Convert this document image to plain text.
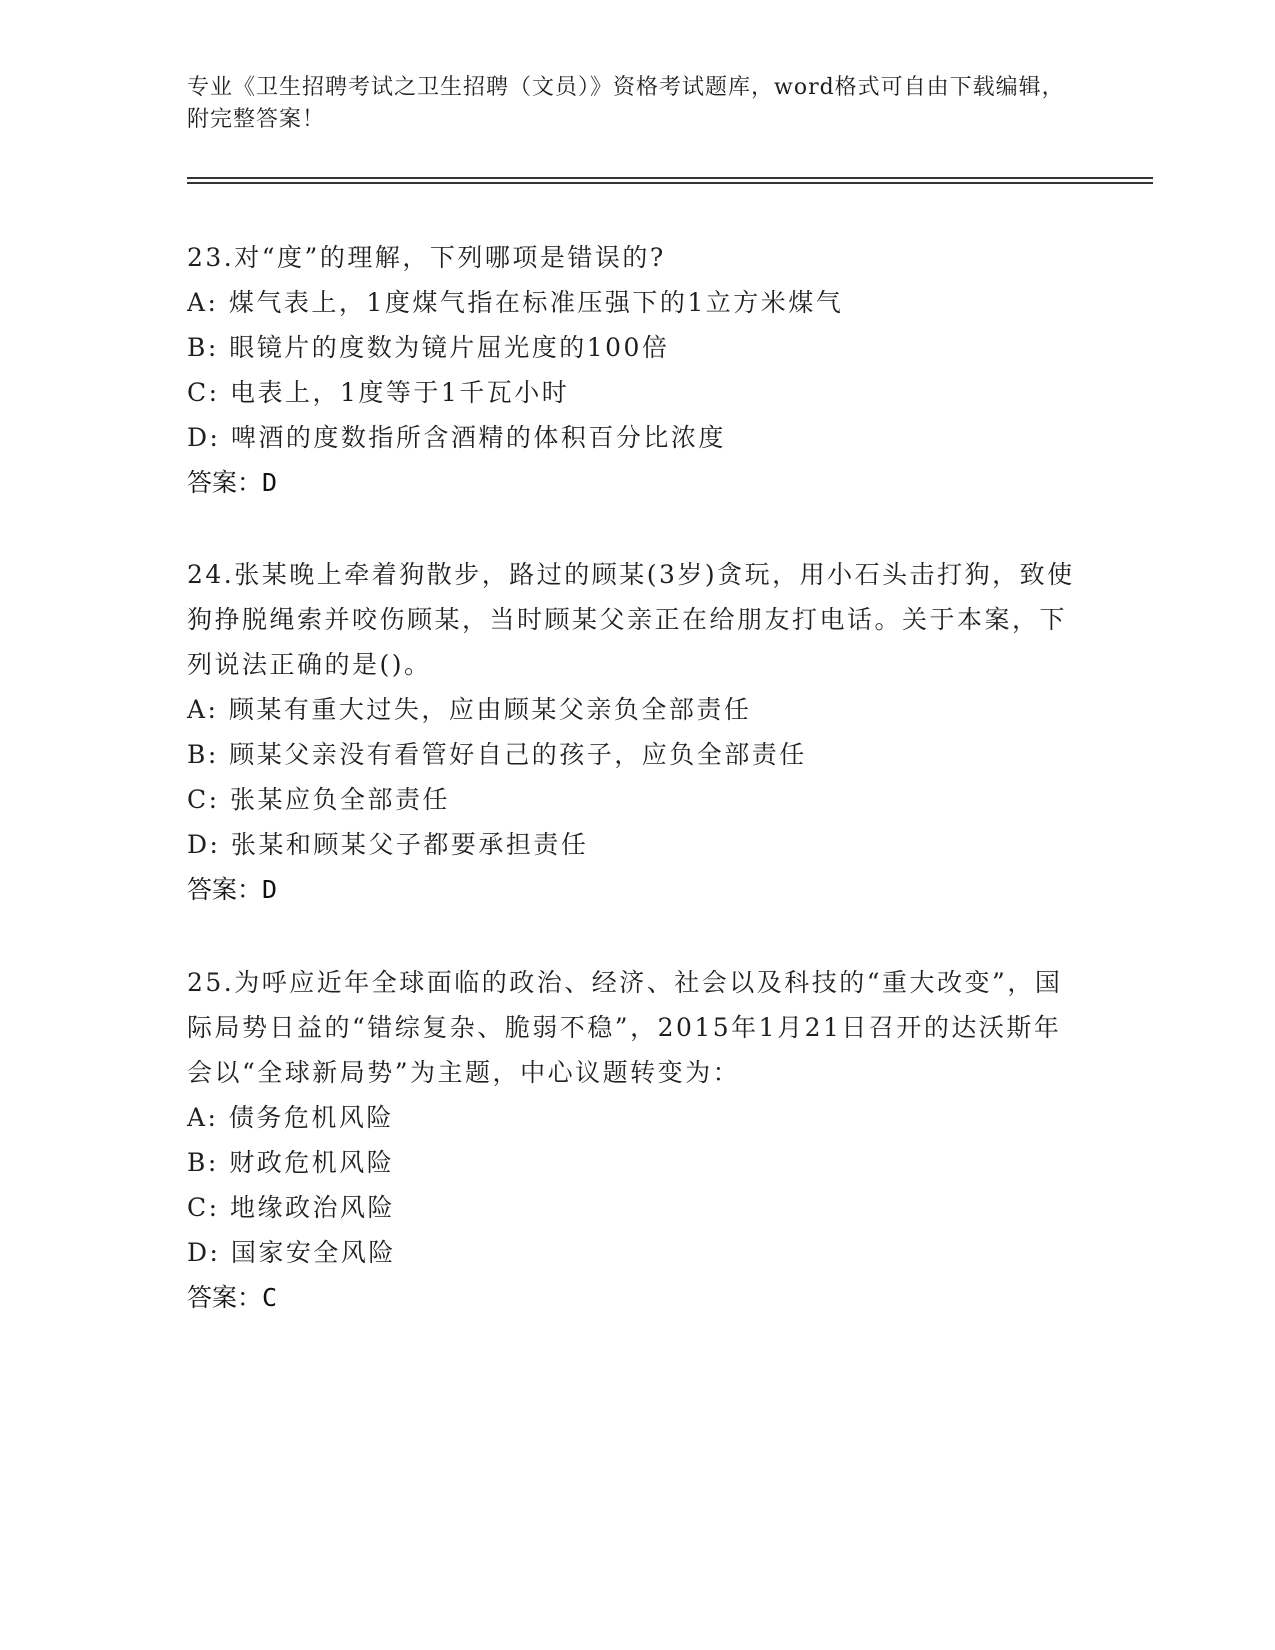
专业《卫生招聘考试之卫生招聘（文员）》资格考试题库，word格式可自由下载编辑，附完整答案！

23.对“度”的理解，下列哪项是错误的?

A: 煤气表上，1度煤气指在标准压强下的1立方米煤气

B: 眼镜片的度数为镜片屈光度的100倍

C: 电表上，1度等于1千瓦小时

D: 啤酒的度数指所含酒精的体积百分比浓度

答案：D

24.张某晚上牵着狗散步，路过的顾某(3岁)贪玩，用小石头击打狗，致使狗挣脱绳索并咬伤顾某，当时顾某父亲正在给朋友打电话。关于本案，下列说法正确的是()。

A: 顾某有重大过失，应由顾某父亲负全部责任

B: 顾某父亲没有看管好自己的孩子，应负全部责任

C: 张某应负全部责任

D: 张某和顾某父子都要承担责任

答案：D

25.为呼应近年全球面临的政治、经济、社会以及科技的“重大改变”，国际局势日益的“错综复杂、脆弱不稳”，2015年1月21日召开的达沃斯年会以“全球新局势”为主题，中心议题转变为：

A: 债务危机风险

B: 财政危机风险

C: 地缘政治风险

D: 国家安全风险

答案：C
